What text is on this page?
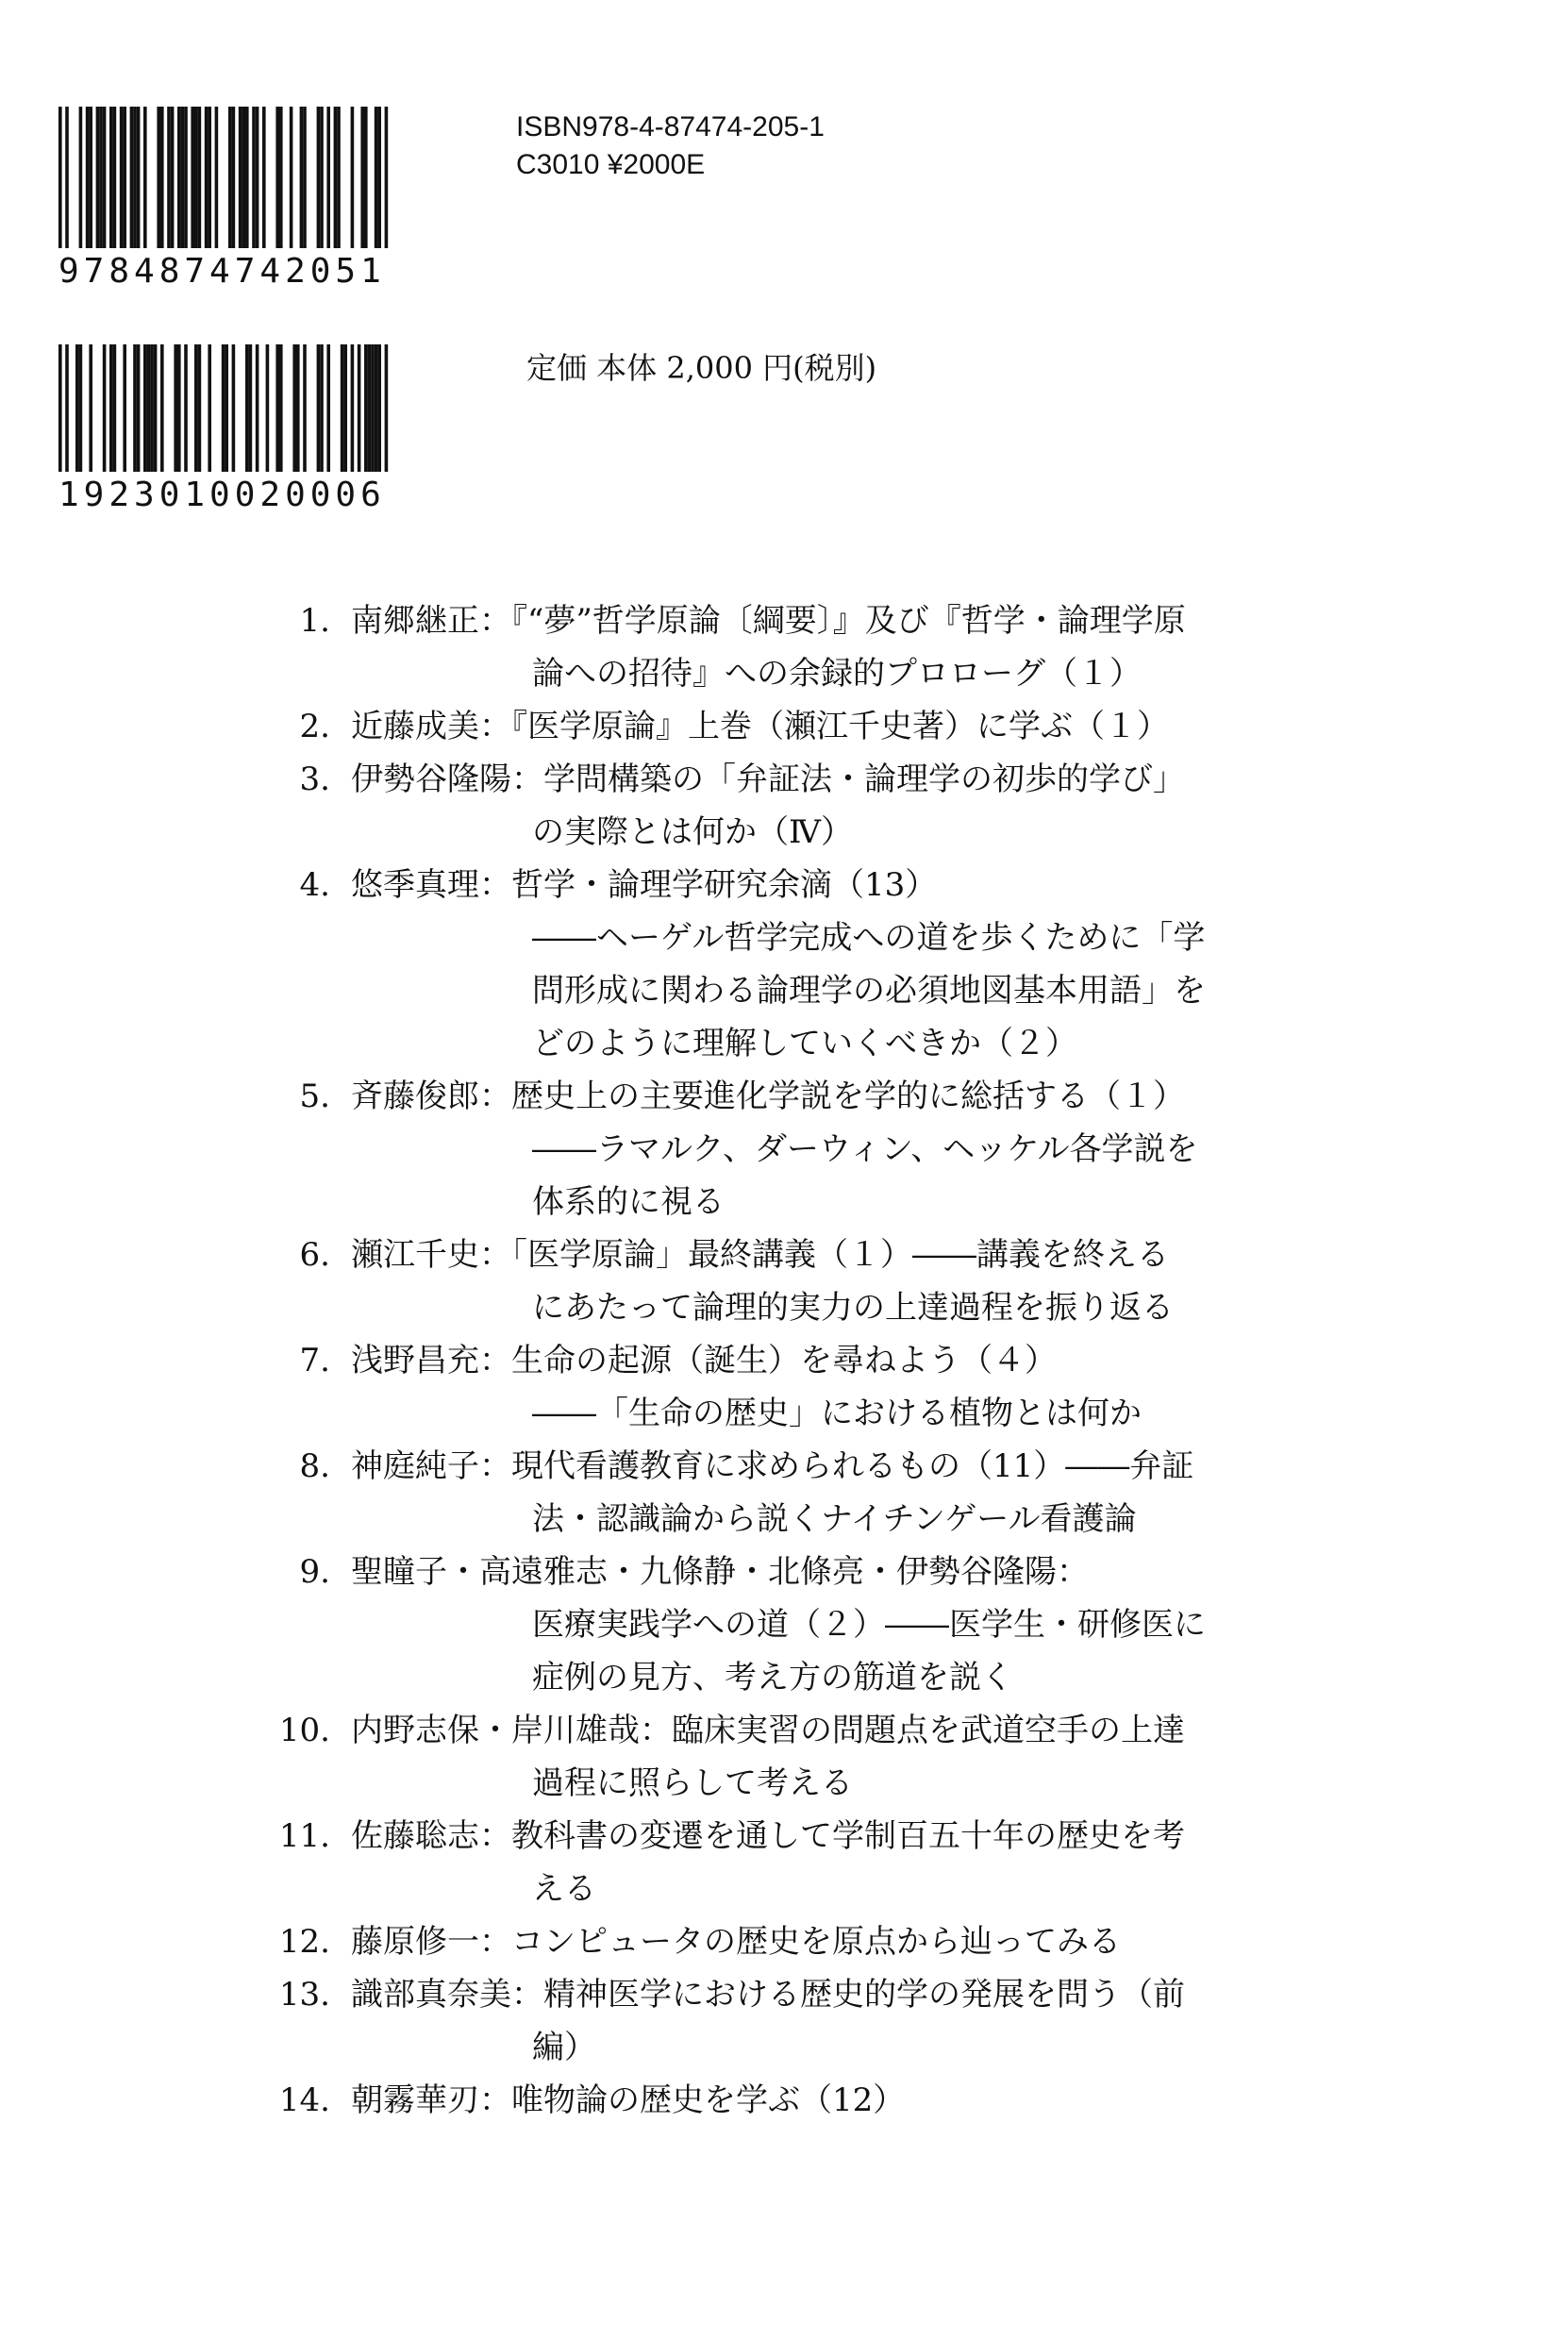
9784874742051
1923010020006
ISBN978-4-87474-205-1
C3010 ¥2000E
定価 本体 2,000 円(税別)
1. 南郷継正：『“夢”哲学原論〔綱要〕』及び『哲学・論理学原
論への招待』への余録的プロローグ（１）
2. 近藤成美：『医学原論』上巻（瀬江千史著）に学ぶ（１）
3. 伊勢谷隆陽：学問構築の「弁証法・論理学の初歩的学び」
の実際とは何か（Ⅳ）
4. 悠季真理：哲学・論理学研究余滴（13）
――ヘーゲル哲学完成への道を歩くために「学
問形成に関わる論理学の必須地図基本用語」を
どのように理解していくべきか（２）
5. 斉藤俊郎：歴史上の主要進化学説を学的に総括する（１）
――ラマルク、ダーウィン、ヘッケル各学説を
体系的に視る
6. 瀬江千史：「医学原論」最終講義（１）――講義を終える
にあたって論理的実力の上達過程を振り返る
7. 浅野昌充：生命の起源（誕生）を尋ねよう（４）
――「生命の歴史」における植物とは何か
8. 神庭純子：現代看護教育に求められるもの（11）――弁証
法・認識論から説くナイチンゲール看護論
9. 聖瞳子・高遠雅志・九條静・北條亮・伊勢谷隆陽：
医療実践学への道（２）――医学生・研修医に
症例の見方、考え方の筋道を説く
10. 内野志保・岸川雄哉：臨床実習の問題点を武道空手の上達
過程に照らして考える
11. 佐藤聡志：教科書の変遷を通して学制百五十年の歴史を考
える
12. 藤原修一：コンピュータの歴史を原点から辿ってみる
13. 識部真奈美：精神医学における歴史的学の発展を問う（前
編）
14. 朝霧華刃：唯物論の歴史を学ぶ（12）
